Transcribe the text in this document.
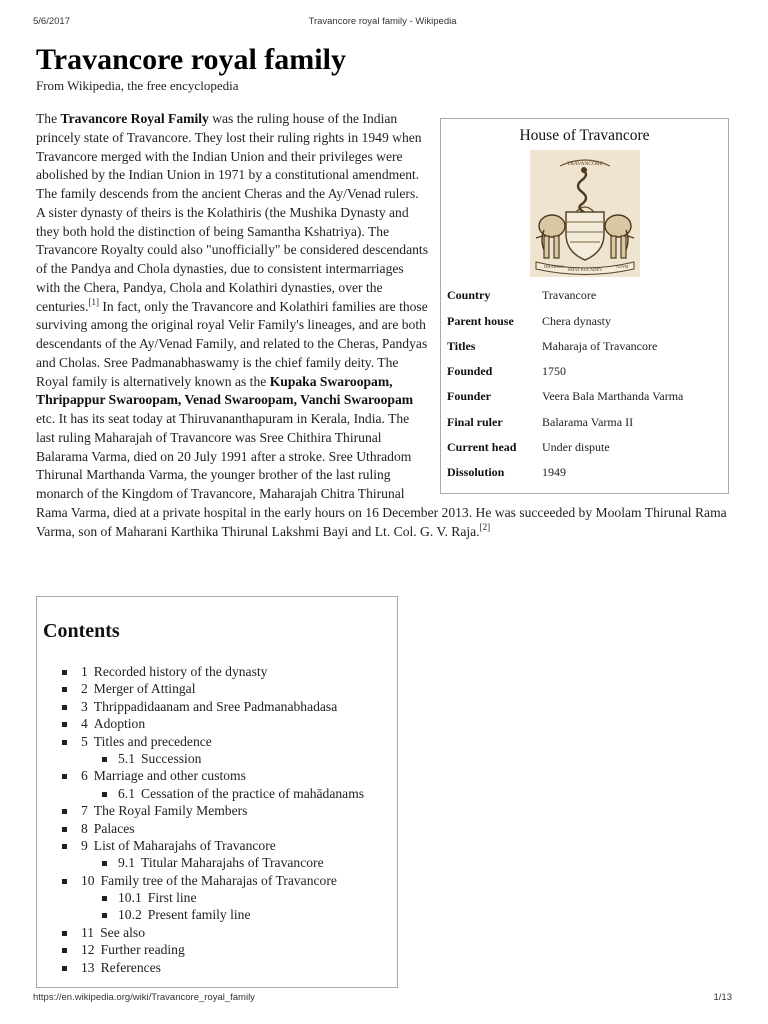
5/6/2017	Travancore royal family - Wikipedia
Travancore royal family
From Wikipedia, the free encyclopedia
House of Travancore
TRAVANCORE
DHARMA
SMAT KULADEV
ATAM
Country	Travancore
Parent house	Chera dynasty
Titles	Maharaja of Travancore
Founded	1750
Founder	Veera Bala Marthanda Varma
Final ruler	Balarama Varma II
Current head	Under dispute
Dissolution	1949

The Travancore Royal Family was the ruling house of the Indian princely state of Travancore. They lost their ruling rights in 1949 when Travancore merged with the Indian Union and their privileges were abolished by the Indian Union in 1971 by a constitutional amendment. The family descends from the ancient Cheras and the Ay/Venad rulers. A sister dynasty of theirs is the Kolathiris (the Mushika Dynasty and they both hold the distinction of being Samantha Kshatriya). The Travancore Royalty could also "unofficially" be considered descendants of the Pandya and Chola dynasties, due to consistent intermarriages with the Chera, Pandya, Chola and Kolathiri dynasties, over the centuries.[1] In fact, only the Travancore and Kolathiri families are those surviving among the original royal Velir Family's lineages, and are both descendants of the Ay/Venad Family, and related to the Cheras, Pandyas and Cholas. Sree Padmanabhaswamy is the chief family deity. The Royal family is alternatively known as the Kupaka Swaroopam, Thripappur Swaroopam, Venad Swaroopam, Vanchi Swaroopam etc. It has its seat today at Thiruvananthapuram in Kerala, India. The last ruling Maharajah of Travancore was Sree Chithira Thirunal Balarama Varma, died on 20 July 1991 after a stroke. Sree Uthradom Thirunal Marthanda Varma, the younger brother of the last ruling monarch of the Kingdom of Travancore, Maharajah Chitra Thirunal Rama Varma, died at a private hospital in the early hours on 16 December 2013. He was succeeded by Moolam Thirunal Rama Varma, son of Maharani Karthika Thirunal Lakshmi Bayi and Lt. Col. G. V. Raja.[2]

Contents
1 Recorded history of the dynasty
2 Merger of Attingal
3 Thrippadidaanam and Sree Padmanabhadasa
4 Adoption
5 Titles and precedence
5.1 Succession
6 Marriage and other customs
6.1 Cessation of the practice of mahādanams
7 The Royal Family Members
8 Palaces
9 List of Maharajahs of Travancore
9.1 Titular Maharajahs of Travancore
10 Family tree of the Maharajas of Travancore
10.1 First line
10.2 Present family line
11 See also
12 Further reading
13 References
https://en.wikipedia.org/wiki/Travancore_royal_family	1/13
